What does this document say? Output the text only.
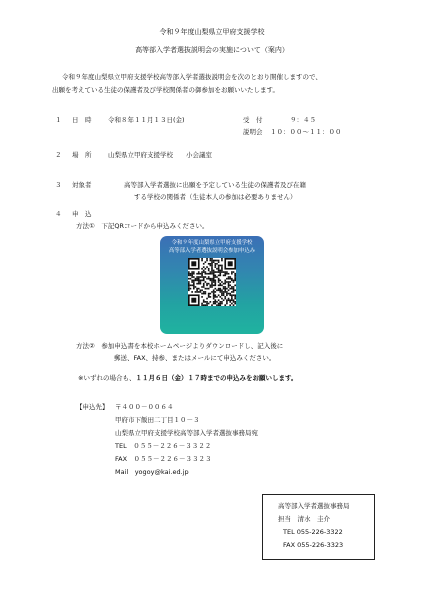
令和９年度山梨県立甲府支援学校
高等部入学者選抜説明会の実施について（案内）
令和９年度山梨県立甲府支援学校高等部入学者選抜説明会を次のとおり開催しますので、
出願を考えている生徒の保護者及び学校関係者の御参加をお願いいたします。
１ 日　時	令和８年１１月１３日(金)	受　付	９：４５
説明会 １０：００～１１：００
２ 場　所	山梨県立甲府支援学校　　小会議室
３ 対象者	高等部入学者選抜に出願を予定している生徒の保護者及び在籍
する学校の関係者（生徒本人の参加は必要ありません）
４ 申　込
方法①　下記QRコードから申込みください。
令和９年度山梨県立甲府支援学校
高等部入学者選抜説明会参加申込み
方法②　参加申込書を本校ホームページよりダウンロードし、記入後に
郵送、FAX、持参、またはメールにて申込みください。
※いずれの場合も、１１月６日（金）１７時までの申込みをお願いします。
【申込先】 〒４００－００６４
甲府市下飯田二丁目１０－３
山梨県立甲府支援学校高等部入学者選抜事務局宛
TEL　０５５－２２６－３３２２
FAX　０５５－２２６－３３２３
Mail　yogoy@kai.ed.jp
高等部入学者選抜事務局
担当　清水　圭介
TEL 055-226-3322
FAX 055-226-3323
